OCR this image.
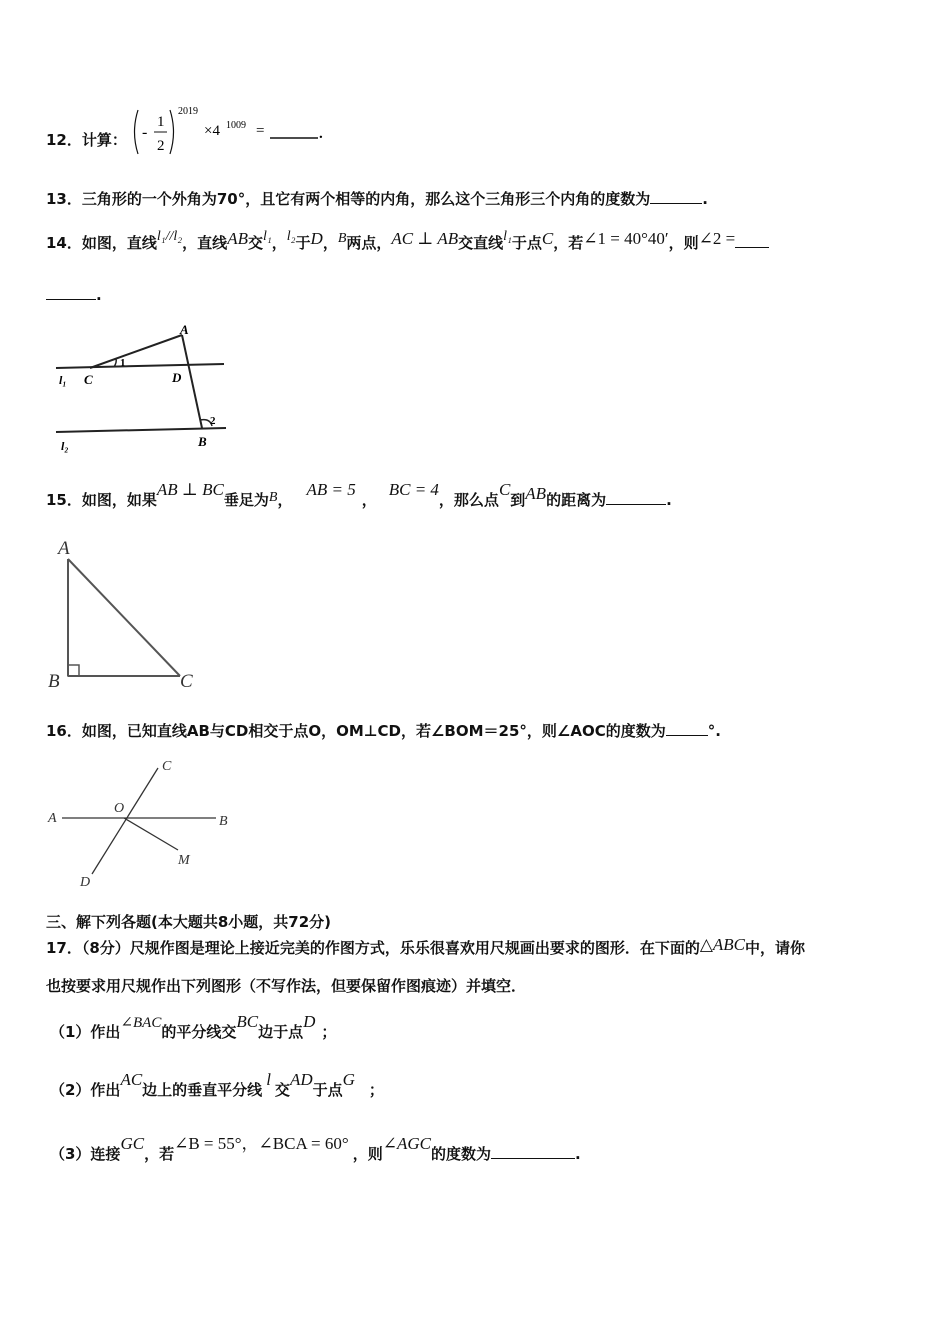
12．计算： -
1
2
2019
×4 1009 =	.
13．三角形的一个外角为70°，且它有两个相等的内角，那么这个三角形三个内角的度数为	.
14．如图，直线l₁//l₂，直线AB交l₁，l₂于D，B两点，AC ⊥ AB交直线l₁于点C，若∠1 = 40°40′，则∠2 =
.
A
C	D
B
1
2
l₁
l₂
15．如图，如果AB ⊥ BC垂足为B，AB = 5，BC = 4，那么点C到AB的距离为	.
A
B	C
16．如图，已知直线AB与CD相交于点O，OM⊥CD，若∠BOM＝25°，则∠AOC的度数为	°.
A	B
C
D
O
M
三、解下列各题(本大题共8小题，共72分)
17．（8分）尺规作图是理论上接近完美的作图方式，乐乐很喜欢用尺规画出要求的图形．在下面的△ABC中，请你
也按要求用尺规作出下列图形（不写作法，但要保留作图痕迹）并填空．
（1）作出∠BAC的平分线交BC边于点D；
（2）作出AC边上的垂直平分线l交AD于点G；
（3）连接GC，若∠B = 55°，∠BCA = 60°，则∠AGC的度数为	.
